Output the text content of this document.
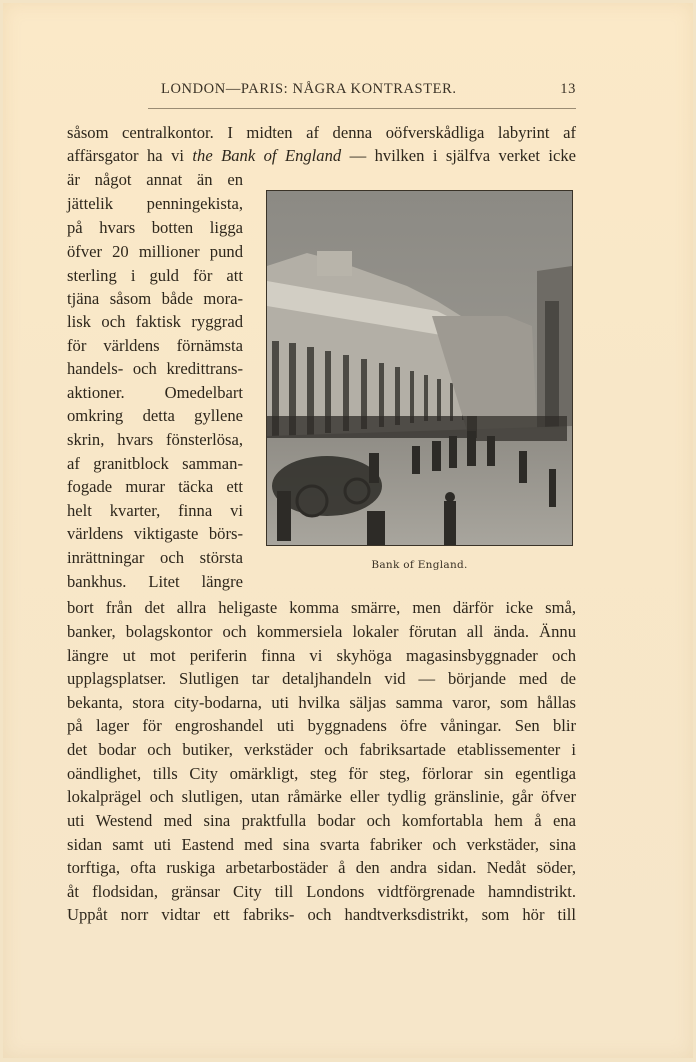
LONDON—PARIS: NÅGRA KONTRASTER.	13
såsom centralkontor. I midten af denna oöfverskådliga labyrint af
affärsgator ha vi the Bank of England — hvilken i själfva verket icke
är något annat än en
jättelik penningekista,
på hvars botten ligga
öfver 20 millioner pund
sterling i guld för att
tjäna såsom både mora-
lisk och faktisk ryggrad
för världens förnämsta
handels- och kredittrans-
aktioner. Omedelbart
omkring detta gyllene
skrin, hvars fönsterlösa,
af granitblock samman-
fogade murar täcka ett
helt kvarter, finna vi
världens viktigaste börs-
inrättningar och största
bankhus. Litet längre
bort från det allra heligaste komma smärre, men därför icke små,
banker, bolagskontor och kommersiela lokaler förutan all ända. Ännu
längre ut mot periferin finna vi skyhöga magasinsbyggnader och
upplagsplatser. Slutligen tar detaljhandeln vid — börjande med de
bekanta, stora city-bodarna, uti hvilka säljas samma varor, som hållas
på lager för engroshandel uti byggnadens öfre våningar. Sen blir
det bodar och butiker, verkstäder och fabriksartade etablissementer i
oändlighet, tills City omärkligt, steg för steg, förlorar sin egentliga
lokalprägel och slutligen, utan råmärke eller tydlig gränslinie, går öfver
uti Westend med sina praktfulla bodar och komfortabla hem å ena
sidan samt uti Eastend med sina svarta fabriker och verkstäder, sina
torftiga, ofta ruskiga arbetarbostäder å den andra sidan. Nedåt söder,
åt flodsidan, gränsar City till Londons vidtförgrenade hamndistrikt.
Uppåt norr vidtar ett fabriks- och handtverksdistrikt, som hör till
Bank of England.
